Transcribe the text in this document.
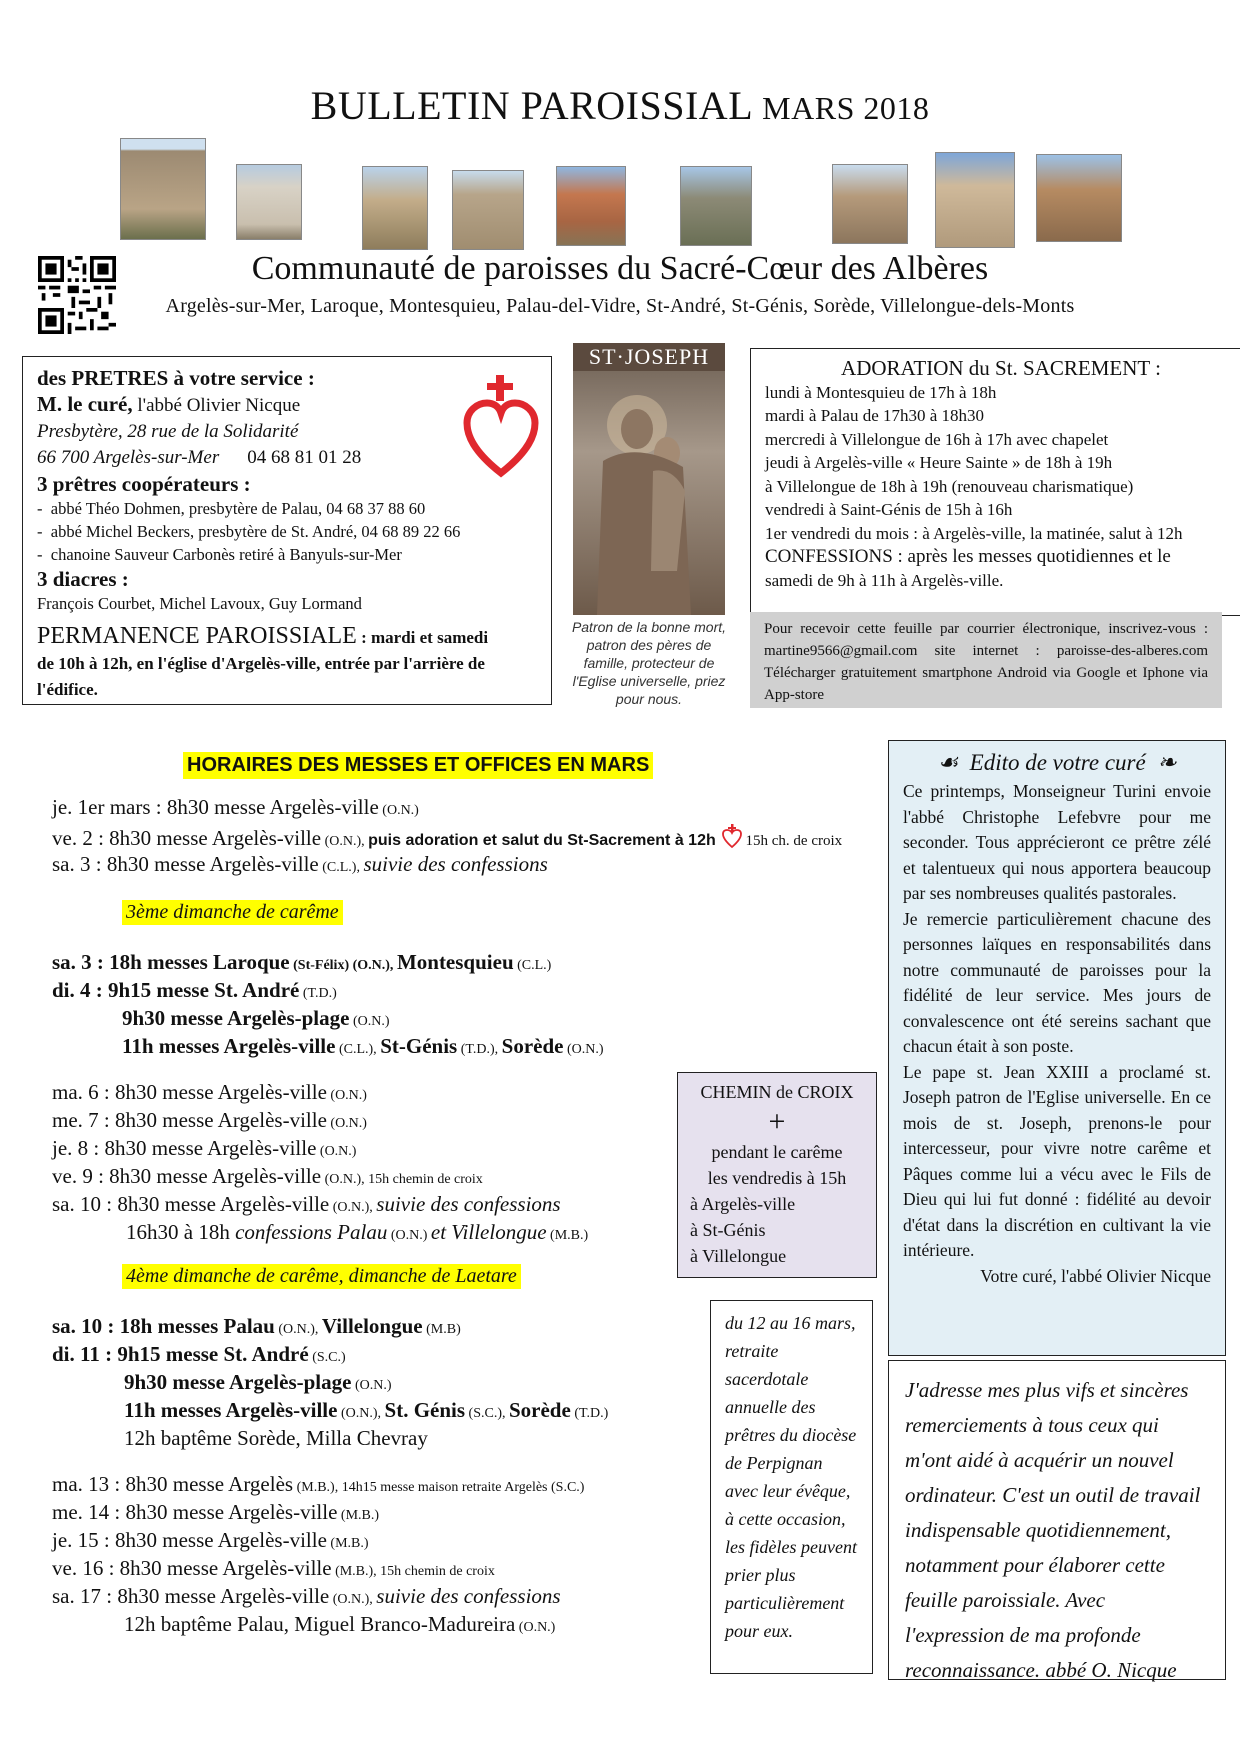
BULLETIN PAROISSIAL MARS 2018
Communauté de paroisses du Sacré-Cœur des Albères
Argelès-sur-Mer, Laroque, Montesquieu, Palau-del-Vidre, St-André, St-Génis, Sorède, Villelongue-dels-Monts
des PRETRES à votre service :
M. le curé, l'abbé Olivier Nicque
Presbytère, 28 rue de la Solidarité
66 700 Argelès-sur-Mer 04 68 81 01 28
3 prêtres coopérateurs :
-  abbé Théo Dohmen, presbytère de Palau, 04 68 37 88 60
-  abbé Michel Beckers, presbytère de St. André, 04 68 89 22 66
-  chanoine Sauveur Carbonès retiré à Banyuls-sur-Mer
3 diacres :
François Courbet, Michel Lavoux, Guy Lormand
PERMANENCE PAROISSIALE : mardi et samedi
de 10h à 12h, en l'église d'Argelès-ville, entrée par l'arrière de l'édifice.
ST·JOSEPH
Patron de la bonne mort, patron des pères de famille, protecteur de l'Eglise universelle, priez pour nous.
ADORATION du St. SACREMENT :
lundi à Montesquieu de 17h à 18h
mardi à Palau de 17h30 à 18h30
mercredi à Villelongue de 16h à 17h avec chapelet
jeudi à Argelès-ville « Heure Sainte » de 18h à 19h
à Villelongue de 18h à 19h (renouveau charismatique)
vendredi à Saint-Génis de 15h à 16h
1er vendredi du mois : à Argelès-ville, la matinée, salut à 12h
CONFESSIONS : après les messes quotidiennes et le
samedi de 9h à 11h à Argelès-ville.
Pour recevoir cette feuille par courrier électronique, inscrivez-vous : martine9566@gmail.com site internet : paroisse-des-alberes.com Télécharger gratuitement smartphone Android via Google et Iphone via App-store
HORAIRES DES MESSES ET OFFICES EN MARS
je. 1er mars : 8h30 messe Argelès-ville (O.N.)
ve. 2 : 8h30 messe Argelès-ville (O.N.), puis adoration et salut du St-Sacrement à 12h 15h ch. de croix
sa. 3 : 8h30 messe Argelès-ville (C.L.), suivie des confessions
3ème dimanche de carême
sa. 3 : 18h messes Laroque (St-Félix) (O.N.), Montesquieu (C.L.)
di. 4 : 9h15 messe St. André (T.D.)
9h30 messe Argelès-plage (O.N.)
11h messes Argelès-ville (C.L.), St-Génis (T.D.), Sorède (O.N.)
ma. 6 : 8h30 messe Argelès-ville (O.N.)
me. 7 : 8h30 messe Argelès-ville (O.N.)
je. 8 : 8h30 messe Argelès-ville (O.N.)
ve. 9 : 8h30 messe Argelès-ville (O.N.), 15h chemin de croix
sa. 10 : 8h30 messe Argelès-ville (O.N.), suivie des confessions
16h30 à 18h confessions Palau (O.N.) et Villelongue (M.B.)
4ème dimanche de carême, dimanche de Laetare
sa. 10 : 18h messes Palau (O.N.), Villelongue (M.B)
di. 11 : 9h15 messe St. André (S.C.)
9h30 messe Argelès-plage (O.N.)
11h messes Argelès-ville (O.N.), St. Génis (S.C.), Sorède (T.D.)
12h baptême Sorède, Milla Chevray
ma. 13 : 8h30 messe Argelès (M.B.), 14h15 messe maison retraite Argelès (S.C.)
me. 14 : 8h30 messe Argelès-ville (M.B.)
je. 15 : 8h30 messe Argelès-ville (M.B.)
ve. 16 : 8h30 messe Argelès-ville (M.B.), 15h chemin de croix
sa. 17 : 8h30 messe Argelès-ville (O.N.), suivie des confessions
12h baptême Palau, Miguel Branco-Madureira (O.N.)
CHEMIN de CROIX
+
pendant le carême
les vendredis à 15h
à Argelès-ville
à St-Génis
à Villelongue
du 12 au 16 mars, retraite sacerdotale annuelle des prêtres du diocèse de Perpignan avec leur évêque, à cette occasion, les fidèles peuvent prier plus particulièrement pour eux.
☙ Edito de votre curé ❧
Ce printemps, Monseigneur Turini envoie l'abbé Christophe Lefebvre pour me seconder. Tous apprécieront ce prêtre zélé et talentueux qui nous apportera beaucoup par ses nombreuses qualités pastorales.
Je remercie particulièrement chacune des personnes laïques en responsabilités dans notre communauté de paroisses pour la fidélité de leur service. Mes jours de convalescence ont été sereins sachant que chacun était à son poste.
Le pape st. Jean XXIII a proclamé st. Joseph patron de l'Eglise universelle. En ce mois de st. Joseph, prenons-le pour intercesseur, pour vivre notre carême et Pâques comme lui a vécu avec le Fils de Dieu qui lui fut donné : fidélité au devoir d'état dans la discrétion en cultivant la vie intérieure.
Votre curé, l'abbé Olivier Nicque
J'adresse mes plus vifs et sincères remerciements à tous ceux qui m'ont aidé à acquérir un nouvel ordinateur. C'est un outil de travail indispensable quotidiennement, notamment pour élaborer cette feuille paroissiale. Avec l'expression de ma profonde reconnaissance. abbé O. Nicque
